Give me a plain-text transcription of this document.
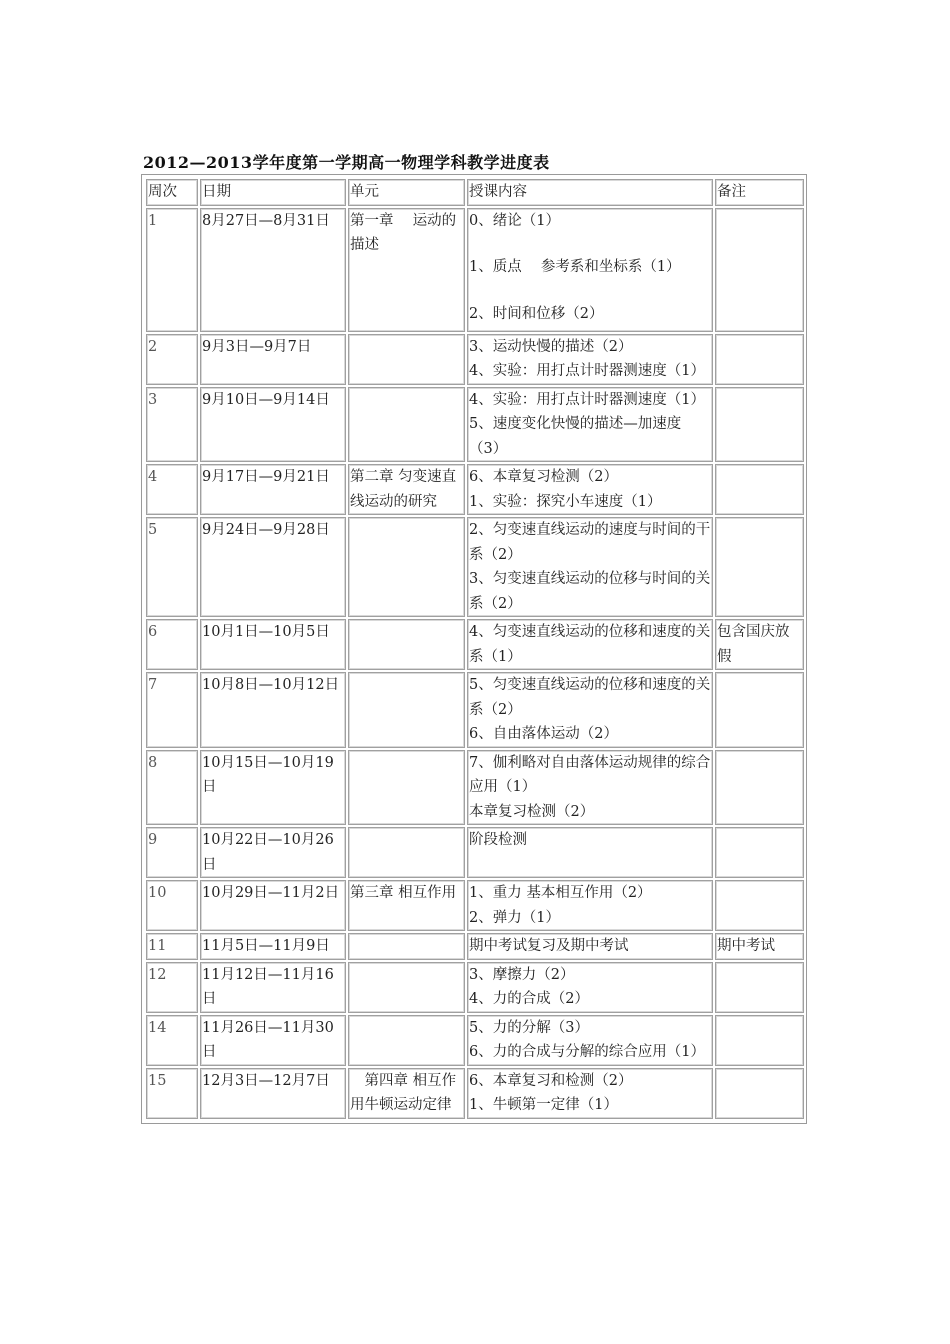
2012—2013学年度第一学期高一物理学科教学进度表
周次	日期	单元	授课内容	备注
1	8月27日—8月31日	第一章　 运动的描述	0、绪论（1）
1、质点　 参考系和坐标系（1）
2、时间和位移（2）	

2	9月3日—9月7日		3、运动快慢的描述（2）
4、实验：用打点计时器测速度（1）	

3	9月10日—9月14日		4、实验：用打点计时器测速度（1）
5、速度变化快慢的描述—加速度（3）	

4	9月17日—9月21日	第二章 匀变速直线运动的研究	6、本章复习检测（2）
1、实验：探究小车速度（1）	

5	9月24日—9月28日		2、匀变速直线运动的速度与时间的干系（2）
3、匀变速直线运动的位移与时间的关系（2）	

6	10月1日—10月5日		4、匀变速直线运动的位移和速度的关系（1）	包含国庆放假
7	10月8日—10月12日		5、匀变速直线运动的位移和速度的关系（2）
6、自由落体运动（2）	

8	10月15日—10月19日		7、伽利略对自由落体运动规律的综合应用（1）
本章复习检测（2）	

9	10月22日—10月26日		阶段检测	

10	10月29日—11月2日	第三章 相互作用	1、重力 基本相互作用（2）
2、弹力（1）	

11	11月5日—11月9日		期中考试复习及期中考试	期中考试
12	11月12日—11月16日		3、摩擦力（2）
4、力的合成（2）	

14	11月26日—11月30日		5、力的分解（3）
6、力的合成与分解的综合应用（1）	

15	12月3日—12月7日	　第四章 相互作用牛顿运动定律	6、本章复习和检测（2）
1、牛顿第一定律（1）	
